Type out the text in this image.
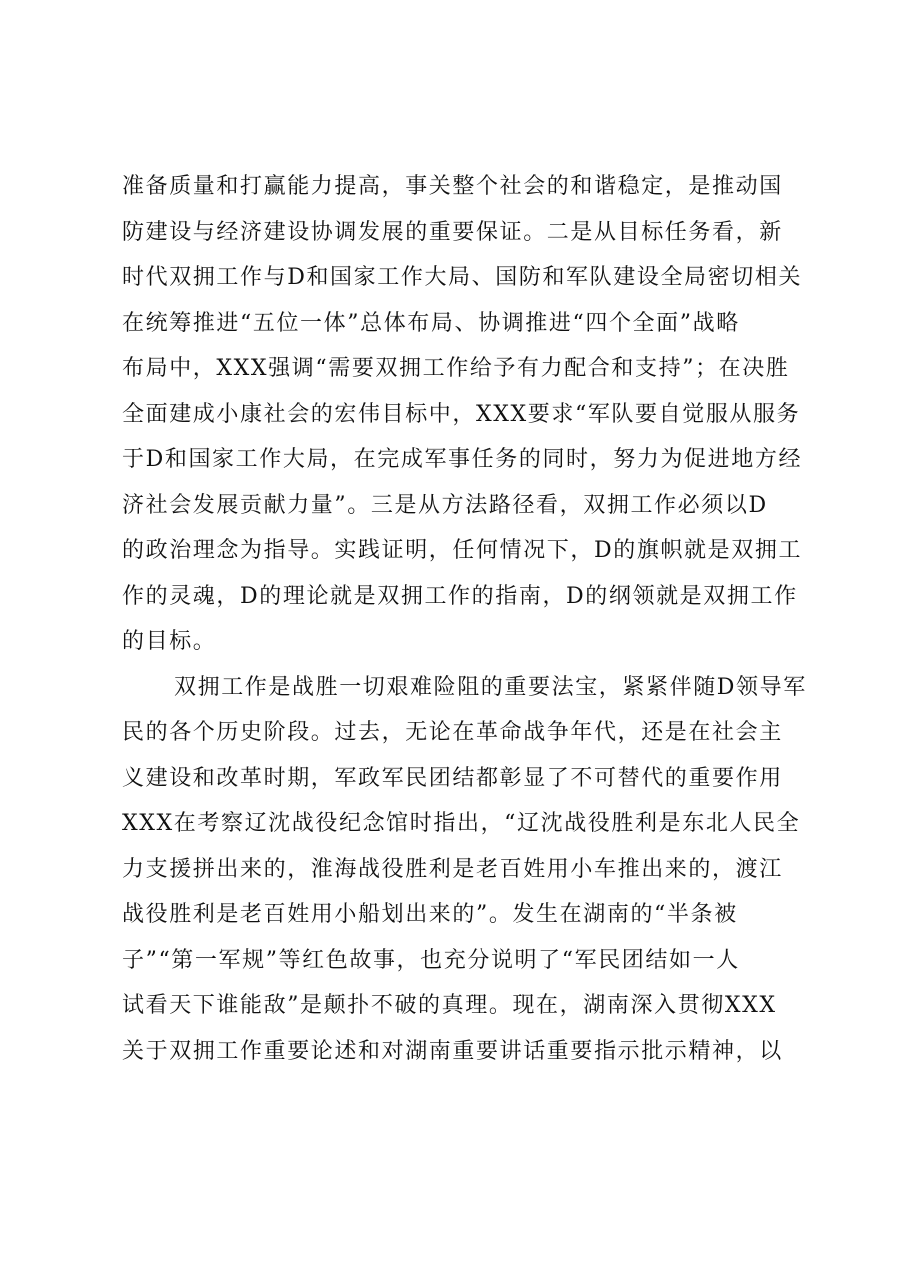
准备质量和打赢能力提高，事关整个社会的和谐稳定，是推动国
防建设与经济建设协调发展的重要保证。二是从目标任务看，新
时代双拥工作与D和国家工作大局、国防和军队建设全局密切相关
在统筹推进“五位一体”总体布局、协调推进“四个全面”战略
布局中，XXX强调“需要双拥工作给予有力配合和支持”；在决胜
全面建成小康社会的宏伟目标中，XXX要求“军队要自觉服从服务
于D和国家工作大局，在完成军事任务的同时，努力为促进地方经
济社会发展贡献力量”。三是从方法路径看，双拥工作必须以D
的政治理念为指导。实践证明，任何情况下，D的旗帜就是双拥工
作的灵魂，D的理论就是双拥工作的指南，D的纲领就是双拥工作
的目标。
双拥工作是战胜一切艰难险阻的重要法宝，紧紧伴随D领导军
民的各个历史阶段。过去，无论在革命战争年代，还是在社会主
义建设和改革时期，军政军民团结都彰显了不可替代的重要作用
XXX在考察辽沈战役纪念馆时指出，“辽沈战役胜利是东北人民全
力支援拼出来的，淮海战役胜利是老百姓用小车推出来的，渡江
战役胜利是老百姓用小船划出来的”。发生在湖南的“半条被
子”“第一军规”等红色故事，也充分说明了“军民团结如一人
试看天下谁能敌”是颠扑不破的真理。现在，湖南深入贯彻XXX
关于双拥工作重要论述和对湖南重要讲话重要指示批示精神，以
